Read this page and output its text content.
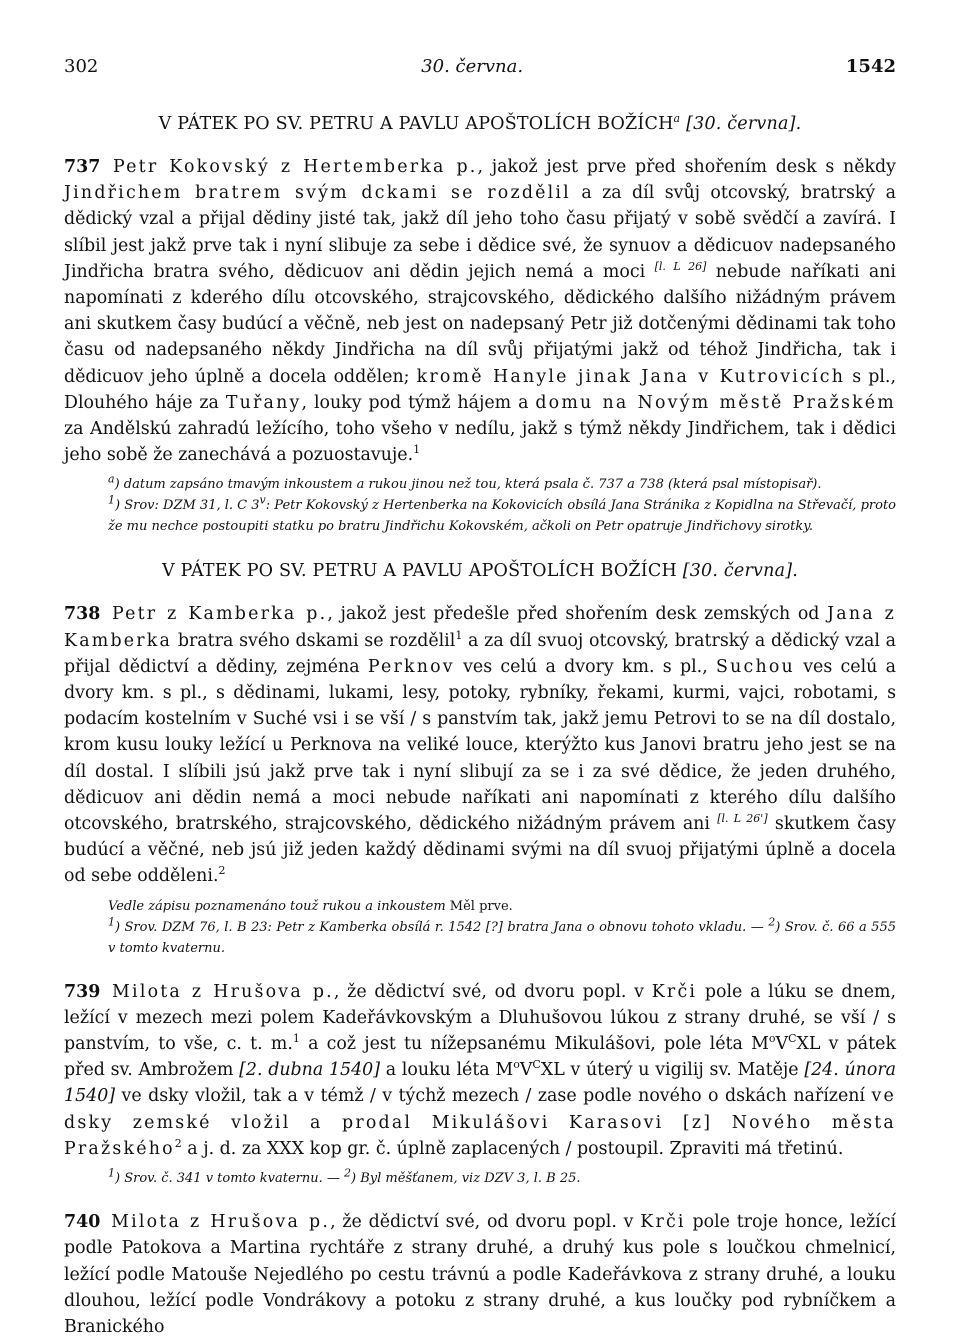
302	30. června.	1542
V PÁTEK PO SV. PETRU A PAVLU APOŠTOLÍCH BOŽÍCH$^a$ [30. června].

737 Petr Kokovský z Hertemberka p., jakož jest prve před shořením desk s někdy Jindřichem bratrem svým dckami se rozdělil a za díl svůj otcovský, bratrský a dědický vzal a přijal dědiny jisté tak, jakž díl jeho toho času přijatý v sobě svědčí a zavírá. I slíbil jest jakž prve tak i nyní slibuje za sebe i dědice své, že synuov a dědicuov nadepsaného Jindřicha bratra svého, dědicuov ani dědin jejich nemá a moci [l. L 26] nebude naříkati ani napomínati z kderého dílu otcovského, strajcovského, dědického dalšího nižádným právem ani skutkem časy budúcí a věčně, neb jest on nadepsaný Petr již dotčenými dědinami tak toho času od nadepsaného někdy Jindřicha na díl svůj přijatými jakž od téhož Jindřicha, tak i dědicuov jeho úplně a docela oddělen; kromě Hanyle jinak Jana v Kutrovicích s pl., Dlouhého háje za Tuřany, louky pod týmž hájem a domu na Novým městě Pražském za Andělskú zahradú ležícího, toho všeho v nedílu, jakž s týmž někdy Jindřichem, tak i dědici jeho sobě že zanechává a pozuostavuje.$^1$

$^a$) datum zapsáno tmavým inkoustem a rukou jinou než tou, která psala č. 737 a 738 (která psal místopisař).

$^1$) Srov: DZM 31, l. C 3$^v$: Petr Kokovský z Hertenberka na Kokovicích obsílá Jana Stránika z Kopidlna na Střevačí, proto že mu nechce postoupiti statku po bratru Jindřichu Kokovském, ačkoli on Petr opatruje Jindřichovy sirotky.

V PÁTEK PO SV. PETRU A PAVLU APOŠTOLÍCH BOŽÍCH [30. června].

738 Petr z Kamberka p., jakož jest předešle před shořením desk zemských od Jana z Kamberka bratra svého dskami se rozdělil$^1$ a za díl svuoj otcovský, bratrský a dědický vzal a přijal dědictví a dědiny, zejména Perknov ves celú a dvory km. s pl., Suchou ves celú a dvory km. s pl., s dědinami, lukami, lesy, potoky, rybníky, řekami, kurmi, vajci, robotami, s podacím kostelním v Suché vsi i se vší / s panstvím tak, jakž jemu Petrovi to se na díl dostalo, krom kusu louky ležící u Perknova na veliké louce, kterýžto kus Janovi bratru jeho jest se na díl dostal. I slíbili jsú jakž prve tak i nyní slibují za se i za své dědice, že jeden druhého, dědicuov ani dědin nemá a moci nebude naříkati ani napomínati z kterého dílu dalšího otcovského, bratrského, strajcovského, dědického nižádným právem ani [l. L 26'] skutkem časy budúcí a věčné, neb jsú již jeden každý dědinami svými na díl svuoj přijatými úplně a docela od sebe odděleni.$^2$

Vedle zápisu poznamenáno touž rukou a inkoustem Měl prve.

$^1$) Srov. DZM 76, l. B 23: Petr z Kamberka obsílá r. 1542 [?] bratra Jana o obnovu tohoto vkladu. — $^2$) Srov. č. 66 a 555 v tomto kvaternu.

739 Milota z Hrušova p., že dědictví své, od dvoru popl. v Krči pole a lúku se dnem, ležící v mezech mezi polem Kadeřávkovským a Dluhušovou lúkou z strany druhé, se vší / s panstvím, to vše, c. t. m.$^1$ a což jest tu nížepsanému Mikulášovi, pole léta $M^oV^CXL$ v pátek před sv. Ambrožem [2. dubna 1540] a louku léta $M^oV^CXL$ v úterý u vigilij sv. Matěje [24. února 1540] ve dsky vložil, tak a v témž / v týchž mezech / zase podle nového o dskách nařízení ve dsky zemské vložil a prodal Mikulášovi Karasovi [z] Nového města Pražského$^2$ a j. d. za XXX kop gr. č. úplně zaplacených / postoupil. Zpraviti má třetinú.

$^1$) Srov. č. 341 v tomto kvaternu. — $^2$) Byl měšťanem, viz DZV 3, l. B 25.

740 Milota z Hrušova p., že dědictví své, od dvoru popl. v Krči pole troje honce, ležící podle Patokova a Martina rychtáře z strany druhé, a druhý kus pole s loučkou chmelnicí, ležící podle Matouše Nejedlého po cestu trávnú a podle Kadeřávkova z strany druhé, a louku dlouhou, ležící podle Vondrákovy a potoku z strany druhé, a kus loučky pod rybníčkem a Branického
